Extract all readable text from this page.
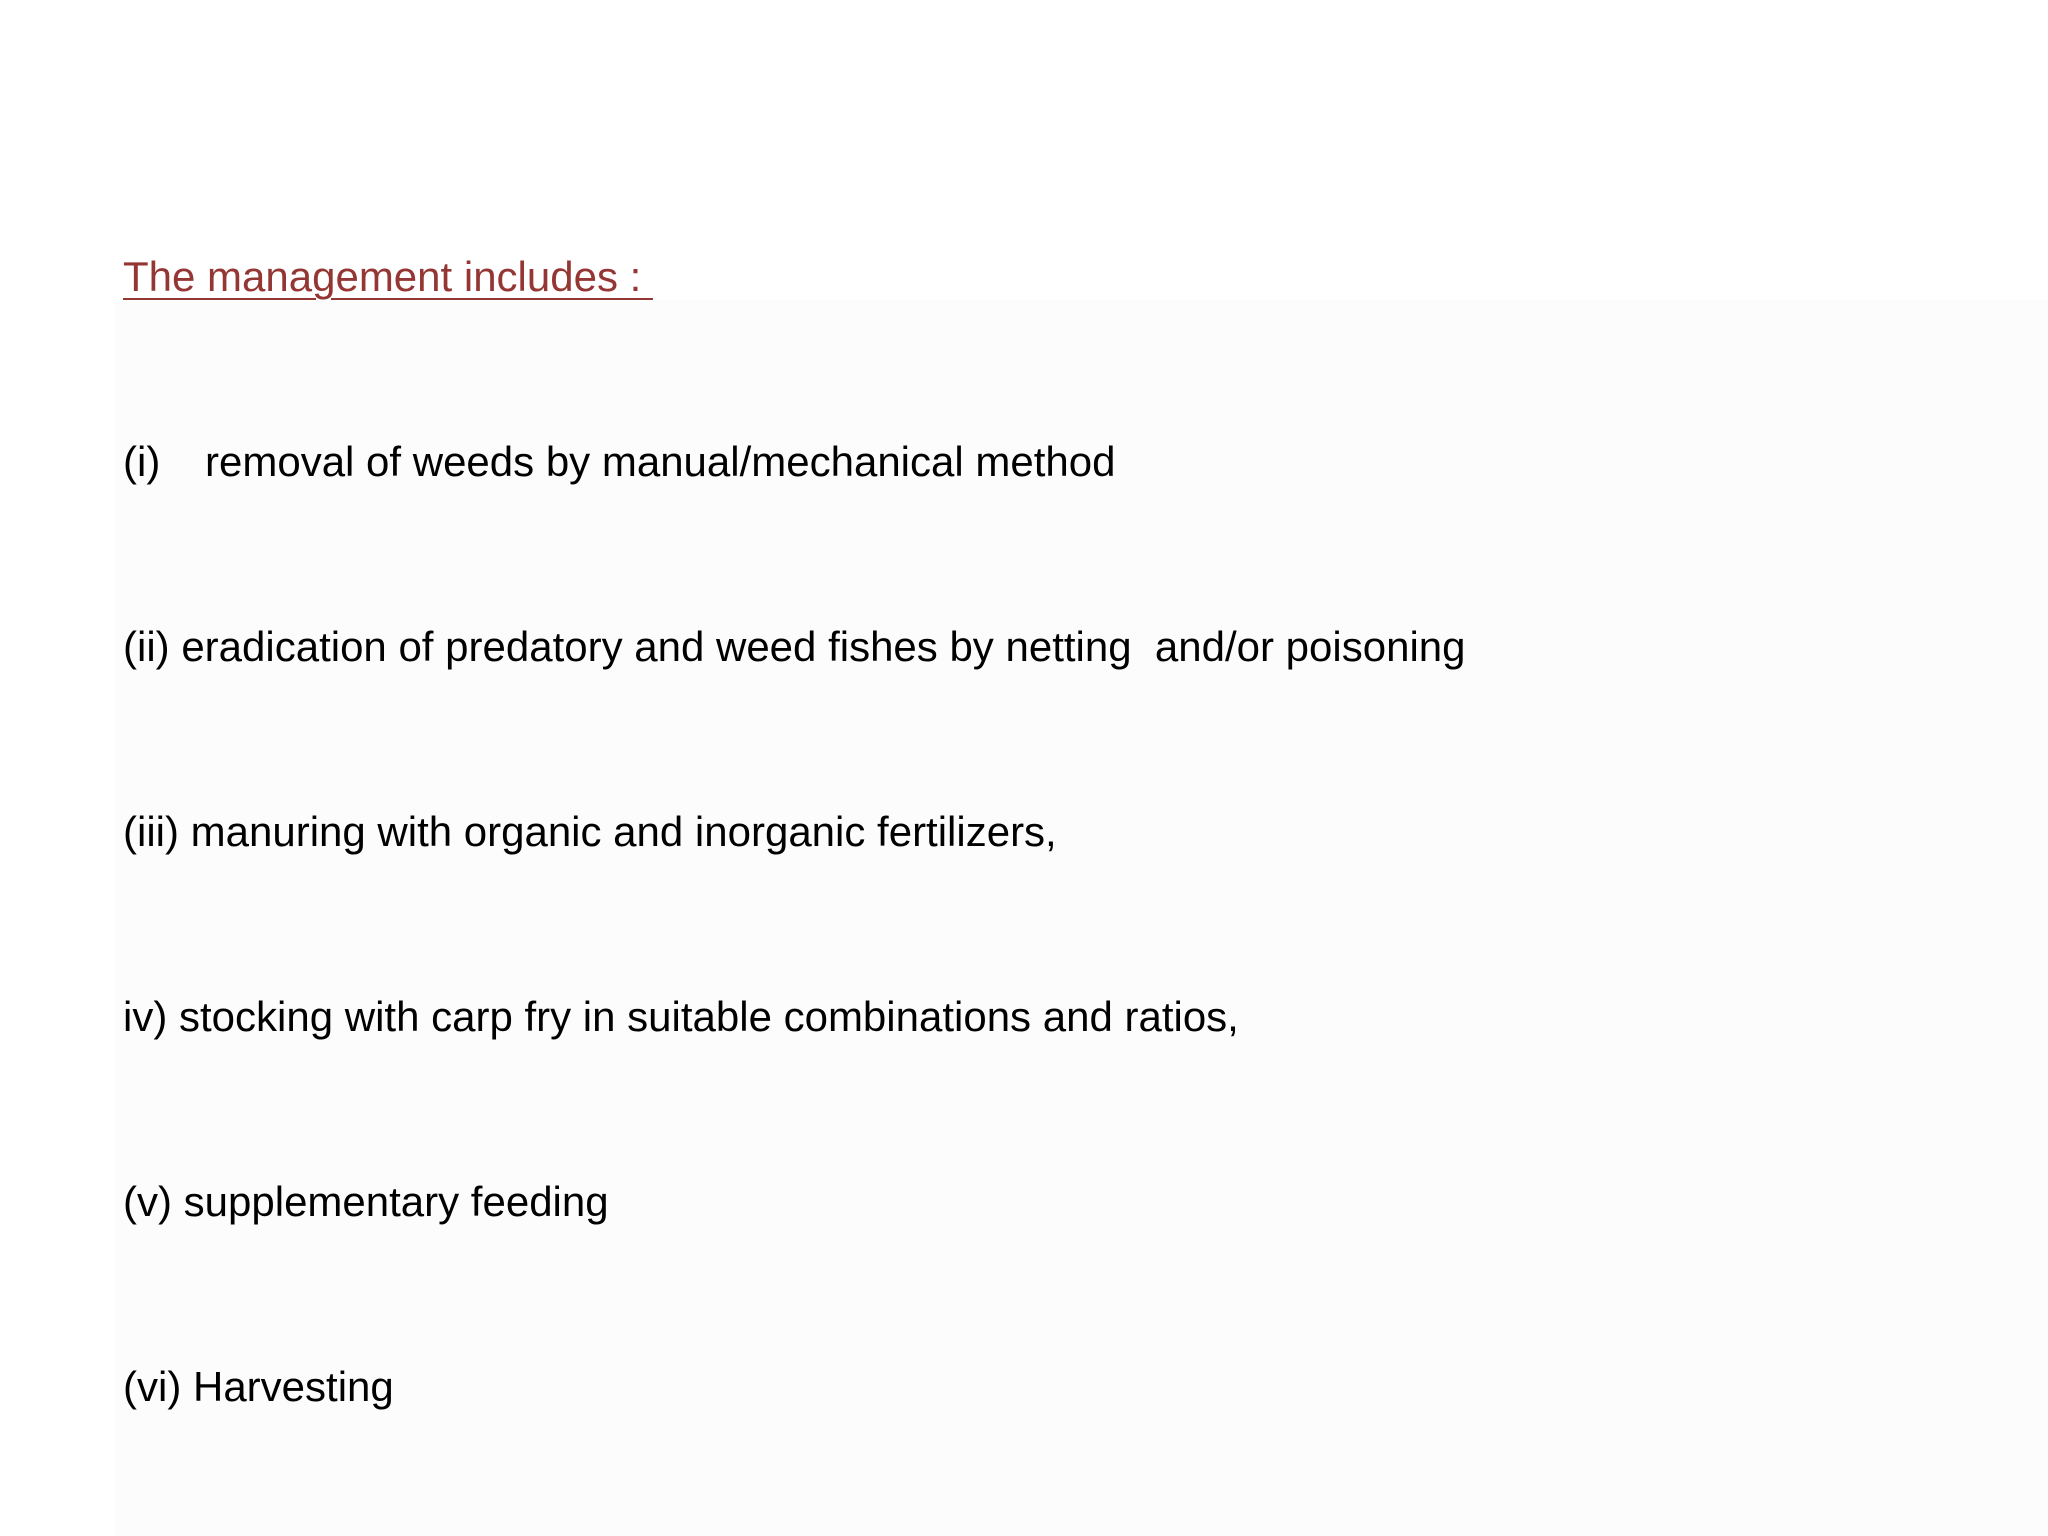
The management includes :

(i) removal of weeds by manual/mechanical method

(ii) eradication of predatory and weed fishes by netting  and/or poisoning

(iii) manuring with organic and inorganic fertilizers,

iv) stocking with carp fry in suitable combinations and ratios,

(v) supplementary feeding

(vi) Harvesting
